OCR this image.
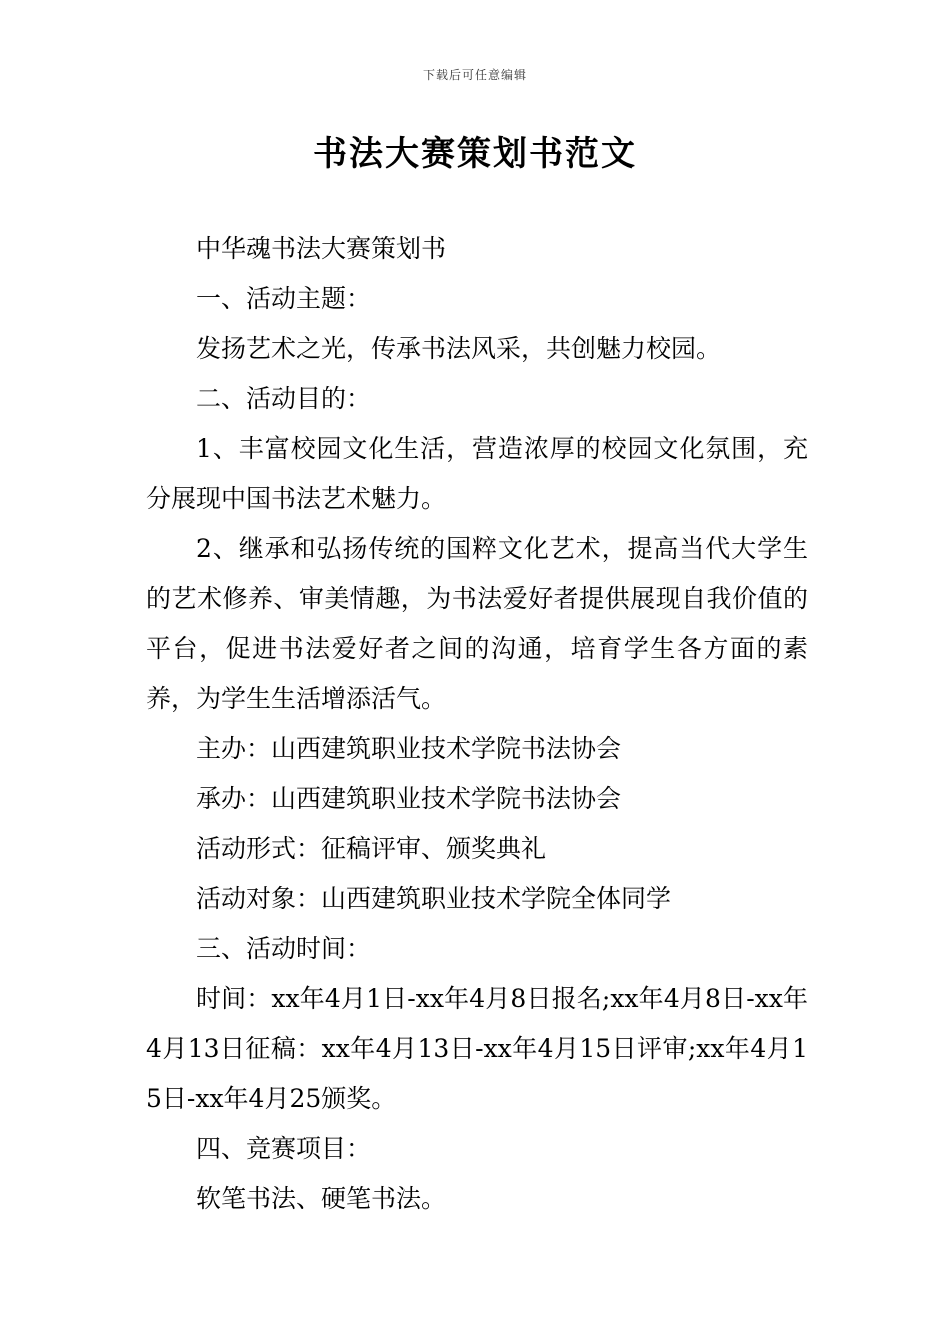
下载后可任意编辑
书法大赛策划书范文

中华魂书法大赛策划书

一、活动主题：

发扬艺术之光，传承书法风采，共创魅力校园。

二、活动目的：

1、丰富校园文化生活，营造浓厚的校园文化氛围，充分展现中国书法艺术魅力。

2、继承和弘扬传统的国粹文化艺术，提高当代大学生的艺术修养、审美情趣，为书法爱好者提供展现自我价值的平台，促进书法爱好者之间的沟通，培育学生各方面的素养，为学生生活增添活气。

主办：山西建筑职业技术学院书法协会

承办：山西建筑职业技术学院书法协会

活动形式：征稿评审、颁奖典礼

活动对象：山西建筑职业技术学院全体同学

三、活动时间：

时间：xx年4月1日-xx年4月8日报名;xx年4月8日-xx年4月13日征稿：xx年4月13日-xx年4月15日评审;xx年4月15日-xx年4月25颁奖。

四、竞赛项目：

软笔书法、硬笔书法。
